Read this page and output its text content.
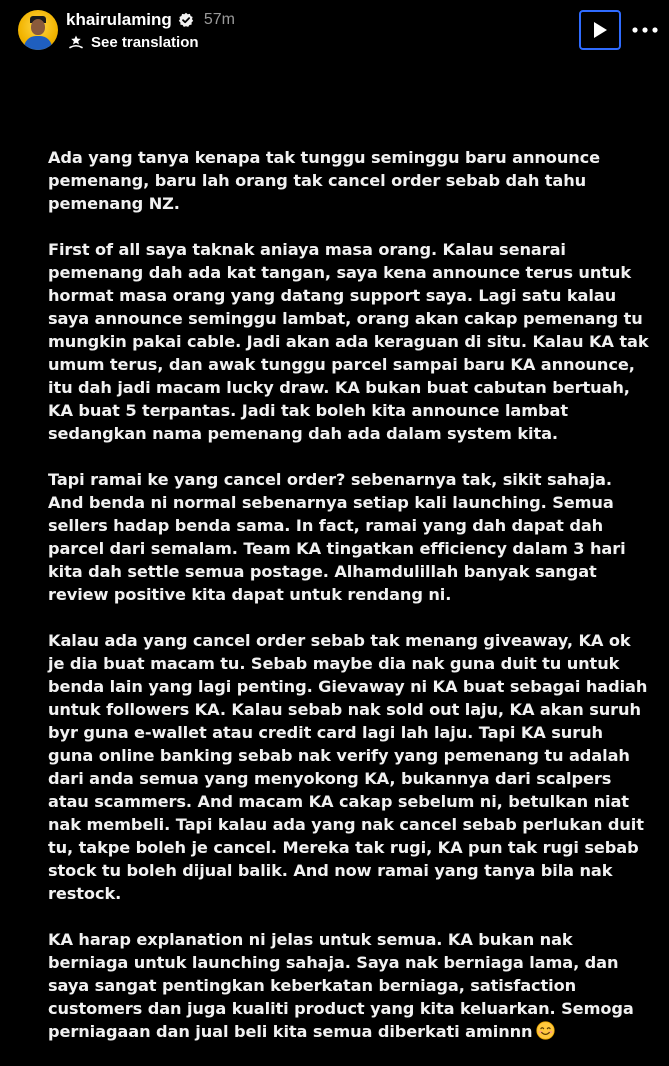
khairulaming 57m
See translation
Ada yang tanya kenapa tak tunggu seminggu baru announce
pemenang, baru lah orang tak cancel order sebab dah tahu
pemenang NZ.
First of all saya taknak aniaya masa orang. Kalau senarai
pemenang dah ada kat tangan, saya kena announce terus untuk
hormat masa orang yang datang support saya. Lagi satu kalau
saya announce seminggu lambat, orang akan cakap pemenang tu
mungkin pakai cable. Jadi akan ada keraguan di situ. Kalau KA tak
umum terus, dan awak tunggu parcel sampai baru KA announce,
itu dah jadi macam lucky draw. KA bukan buat cabutan bertuah,
KA buat 5 terpantas. Jadi tak boleh kita announce lambat
sedangkan nama pemenang dah ada dalam system kita.
Tapi ramai ke yang cancel order? sebenarnya tak, sikit sahaja.
And benda ni normal sebenarnya setiap kali launching. Semua
sellers hadap benda sama. In fact, ramai yang dah dapat dah
parcel dari semalam. Team KA tingatkan efficiency dalam 3 hari
kita dah settle semua postage. Alhamdulillah banyak sangat
review positive kita dapat untuk rendang ni.
Kalau ada yang cancel order sebab tak menang giveaway, KA ok
je dia buat macam tu. Sebab maybe dia nak guna duit tu untuk
benda lain yang lagi penting. Gievaway ni KA buat sebagai hadiah
untuk followers KA. Kalau sebab nak sold out laju, KA akan suruh
byr guna e-wallet atau credit card lagi lah laju. Tapi KA suruh
guna online banking sebab nak verify yang pemenang tu adalah
dari anda semua yang menyokong KA, bukannya dari scalpers
atau scammers. And macam KA cakap sebelum ni, betulkan niat
nak membeli. Tapi kalau ada yang nak cancel sebab perlukan duit
tu, takpe boleh je cancel. Mereka tak rugi, KA pun tak rugi sebab
stock tu boleh dijual balik. And now ramai yang tanya bila nak
restock.
KA harap explanation ni jelas untuk semua. KA bukan nak
berniaga untuk launching sahaja. Saya nak berniaga lama, dan
saya sangat pentingkan keberkatan berniaga, satisfaction
customers dan juga kualiti product yang kita keluarkan. Semoga
perniagaan dan jual beli kita semua diberkati aminnn
